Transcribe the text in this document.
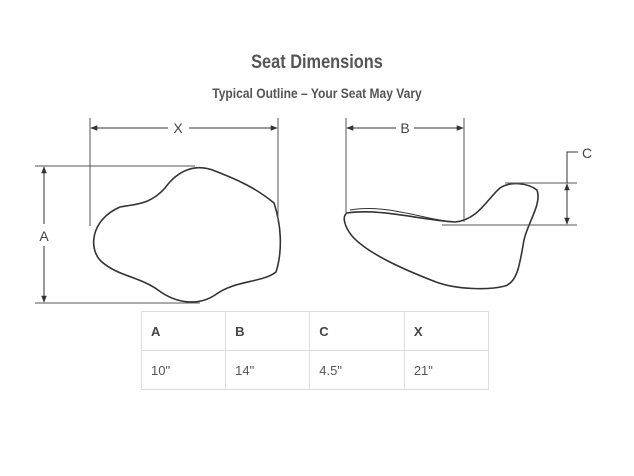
Seat Dimensions
Typical Outline – Your Seat May Vary
X
A
B
C
A	B	C	X
10"	14"	4.5"	21"
